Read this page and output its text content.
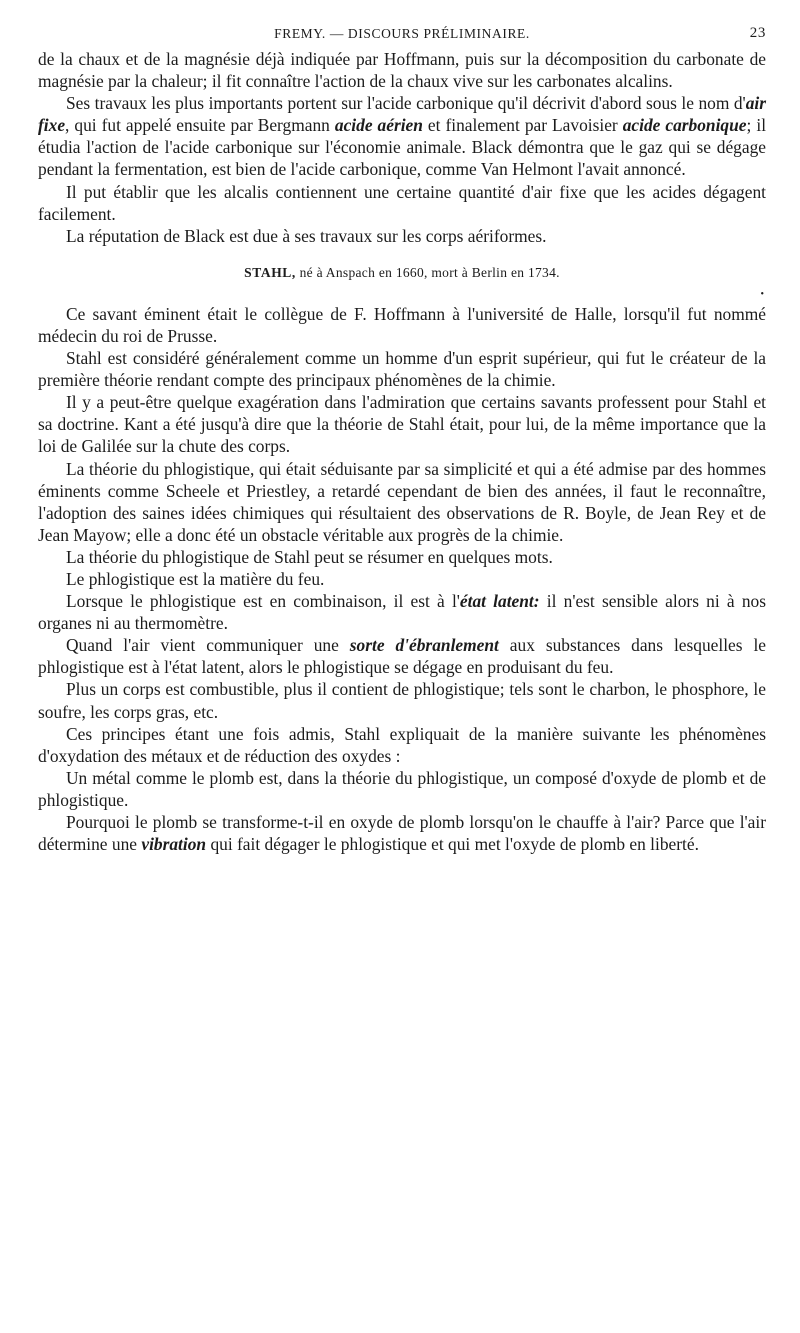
FREMY. — DISCOURS PRÉLIMINAIRE.	23

de la chaux et de la magnésie déjà indiquée par Hoffmann, puis sur la décomposition du carbonate de magnésie par la chaleur; il fit connaître l'action de la chaux vive sur les carbonates alcalins.

Ses travaux les plus importants portent sur l'acide carbonique qu'il décrivit d'abord sous le nom d'air fixe, qui fut appelé ensuite par Bergmann acide aérien et finalement par Lavoisier acide carbonique; il étudia l'action de l'acide carbonique sur l'économie animale. Black démontra que le gaz qui se dégage pendant la fermentation, est bien de l'acide carbonique, comme Van Helmont l'avait annoncé.

Il put établir que les alcalis contiennent une certaine quantité d'air fixe que les acides dégagent facilement.

La réputation de Black est due à ses travaux sur les corps aériformes.

STAHL, né à Anspach en 1660, mort à Berlin en 1734.
•

Ce savant éminent était le collègue de F. Hoffmann à l'université de Halle, lorsqu'il fut nommé médecin du roi de Prusse.

Stahl est considéré généralement comme un homme d'un esprit supérieur, qui fut le créateur de la première théorie rendant compte des principaux phénomènes de la chimie.

Il y a peut-être quelque exagération dans l'admiration que certains savants professent pour Stahl et sa doctrine. Kant a été jusqu'à dire que la théorie de Stahl était, pour lui, de la même importance que la loi de Galilée sur la chute des corps.

La théorie du phlogistique, qui était séduisante par sa simplicité et qui a été admise par des hommes éminents comme Scheele et Priestley, a retardé cependant de bien des années, il faut le reconnaître, l'adoption des saines idées chimiques qui résultaient des observations de R. Boyle, de Jean Rey et de Jean Mayow; elle a donc été un obstacle véritable aux progrès de la chimie.

La théorie du phlogistique de Stahl peut se résumer en quelques mots.

Le phlogistique est la matière du feu.

Lorsque le phlogistique est en combinaison, il est à l'état latent: il n'est sensible alors ni à nos organes ni au thermomètre.

Quand l'air vient communiquer une sorte d'ébranlement aux substances dans lesquelles le phlogistique est à l'état latent, alors le phlogistique se dégage en produisant du feu.

Plus un corps est combustible, plus il contient de phlogistique; tels sont le charbon, le phosphore, le soufre, les corps gras, etc.

Ces principes étant une fois admis, Stahl expliquait de la manière suivante les phénomènes d'oxydation des métaux et de réduction des oxydes :

Un métal comme le plomb est, dans la théorie du phlogistique, un composé d'oxyde de plomb et de phlogistique.

Pourquoi le plomb se transforme-t-il en oxyde de plomb lorsqu'on le chauffe à l'air? Parce que l'air détermine une vibration qui fait dégager le phlogistique et qui met l'oxyde de plomb en liberté.
